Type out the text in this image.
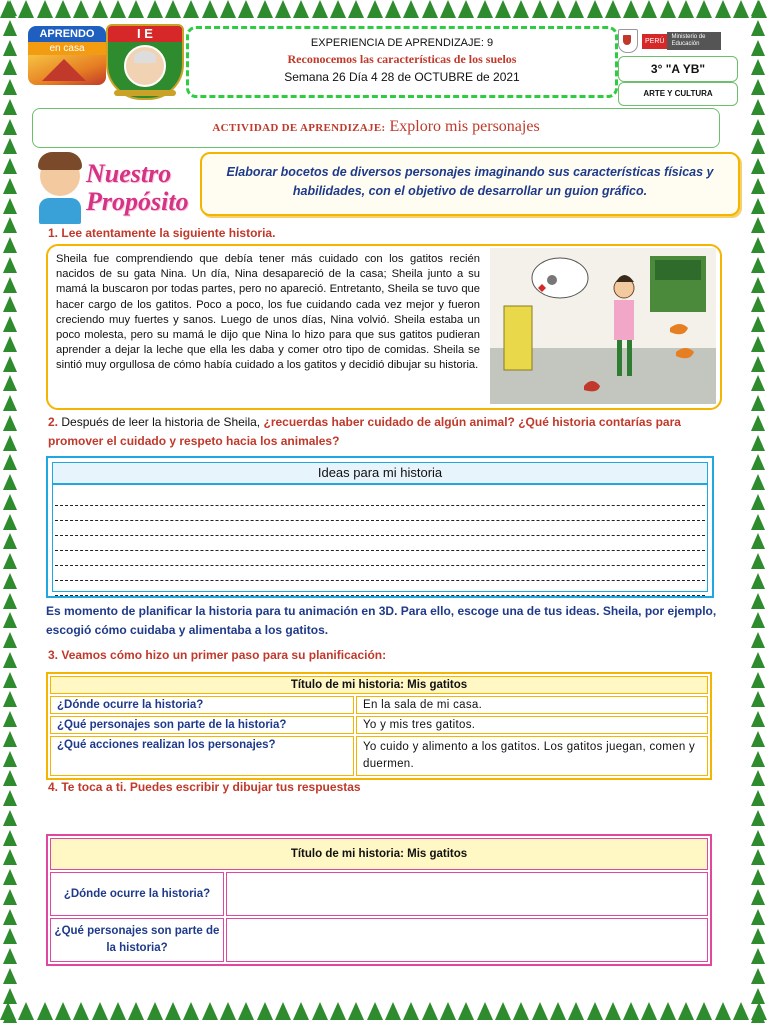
APRENDO
en casa
I E
EXPERIENCIA DE APRENDIZAJE: 9
Reconocemos las características de los suelos
Semana 26 Día 4 28 de OCTUBRE de 2021
PERÚ
Ministerio de Educación
3° "A YB"
ARTE Y CULTURA
ACTIVIDAD DE APRENDIZAJE: Exploro mis personajes
Nuestro
Propósito
Elaborar bocetos de diversos personajes imaginando sus características físicas y habilidades, con el objetivo de desarrollar un guion gráfico.
1. Lee atentamente la siguiente historia.
Sheila fue comprendiendo que debía tener más cuidado con los gatitos recién nacidos de su gata Nina. Un día, Nina desapareció de la casa; Sheila junto a su mamá la buscaron por todas partes, pero no apareció. Entretanto, Sheila se tuvo que hacer cargo de los gatitos. Poco a poco, los fue cuidando cada vez mejor y fueron creciendo muy fuertes y sanos. Luego de unos días, Nina volvió. Sheila estaba un poco molesta, pero su mamá le dijo que Nina lo hizo para que sus gatitos pudieran aprender a dejar la leche que ella les daba y comer otro tipo de comidas. Sheila se sintió muy orgullosa de cómo había cuidado a los gatitos y decidió dibujar su historia.
2. Después de leer la historia de Sheila, ¿recuerdas haber cuidado de algún animal? ¿Qué historia contarías para promover el cuidado y respeto hacia los animales?
Ideas para mi historia
Es momento de planificar la historia para tu animación en 3D. Para ello, escoge una de tus ideas. Sheila, por ejemplo, escogió cómo cuidaba y alimentaba a los gatitos.
3. Veamos cómo hizo un primer paso para su planificación:
Título de mi historia: Mis gatitos	
¿Dónde ocurre la historia?	En la sala de mi casa.
¿Qué personajes son parte de la historia?	Yo y mis tres gatitos.
¿Qué acciones realizan los personajes?	Yo cuido y alimento a los gatitos. Los gatitos juegan, comen y duermen.
4. Te toca a ti. Puedes escribir y dibujar tus respuestas
Título de mi historia: Mis gatitos	
¿Dónde ocurre la historia?	
¿Qué personajes son parte de la historia?	
